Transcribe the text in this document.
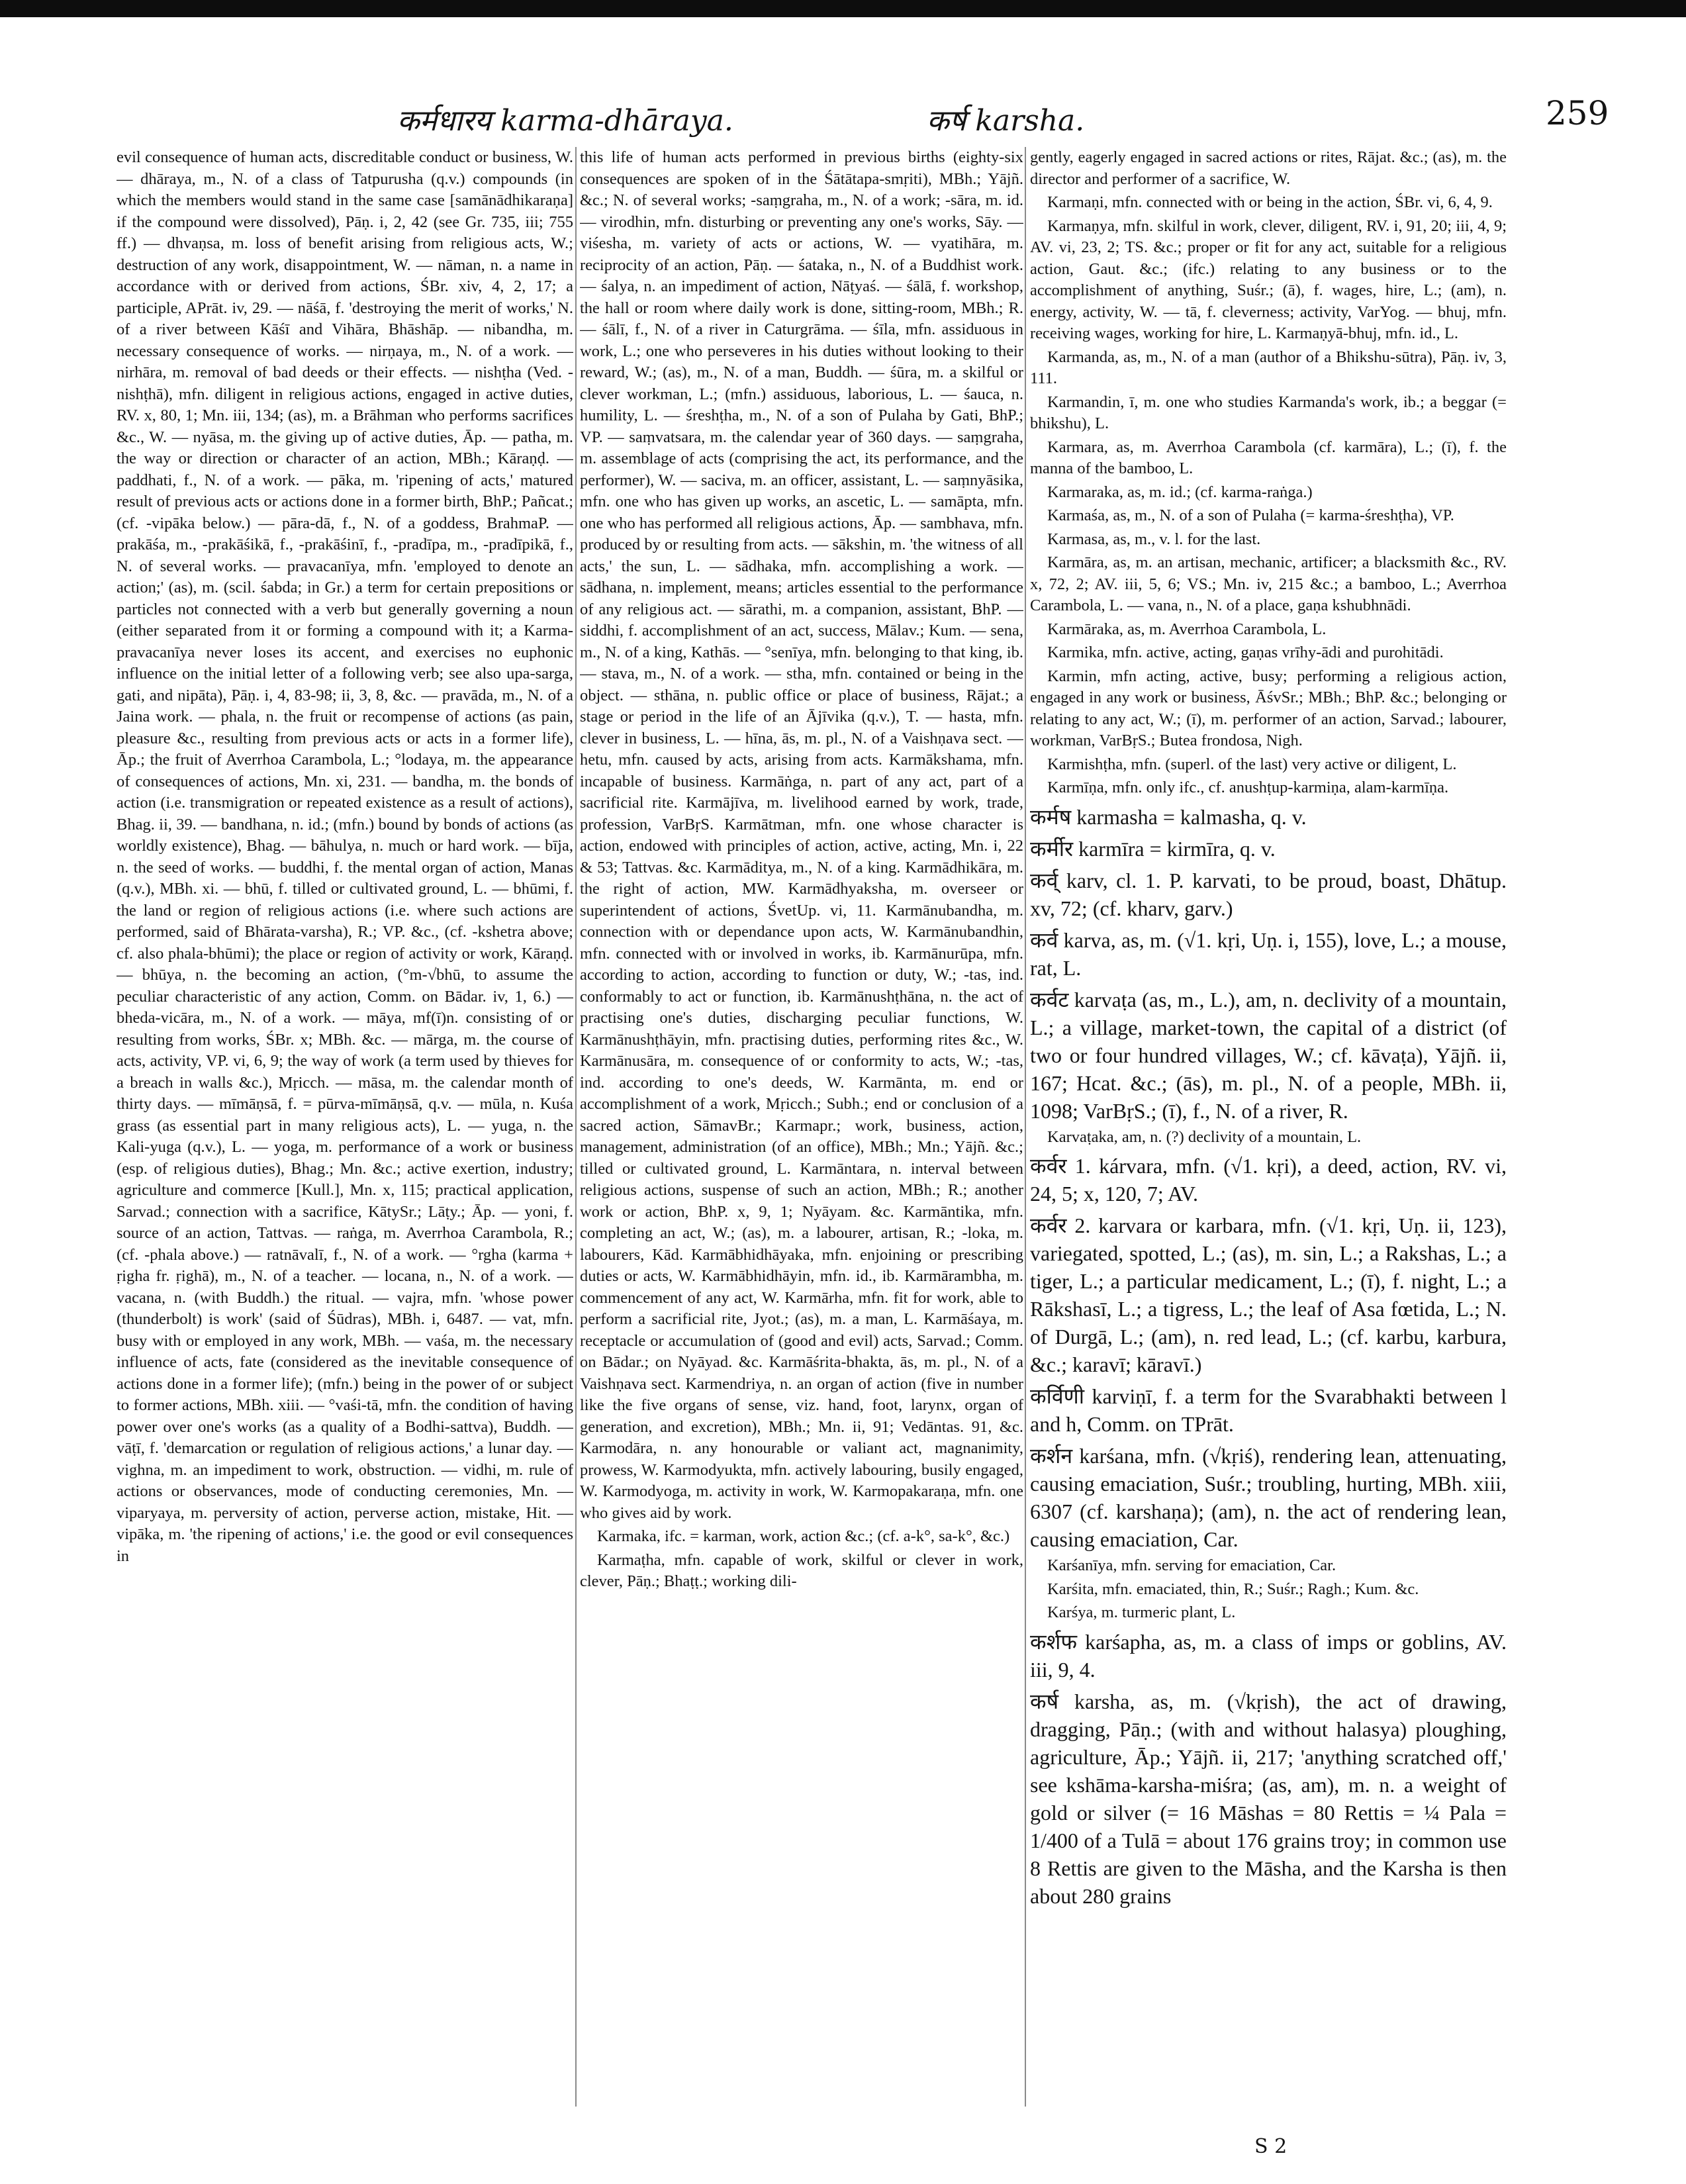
कर्मधारय karma-dhāraya.	कर्ष karsha.	259

evil consequence of human acts, discreditable conduct or business, W. — dhāraya, m., N. of a class of Tatpurusha (q.v.) compounds (in which the members would stand in the same case [samānādhikaraṇa] if the compound were dissolved), Pāṇ. i, 2, 42 (see Gr. 735, iii; 755 ff.) — dhvaṇsa, m. loss of benefit arising from religious acts, W.; destruction of any work, disappointment, W. — nāman, n. a name in accordance with or derived from actions, ŚBr. xiv, 4, 2, 17; a participle, APrāt. iv, 29. — nāśā, f. 'destroying the merit of works,' N. of a river between Kāśī and Vihāra, Bhāshāp. — nibandha, m. necessary consequence of works. — nirṇaya, m., N. of a work. — nirhāra, m. removal of bad deeds or their effects. — nishṭha (Ved. -nishṭhā), mfn. diligent in religious actions, engaged in active duties, RV. x, 80, 1; Mn. iii, 134; (as), m. a Brāhman who performs sacrifices &c., W. — nyāsa, m. the giving up of active duties, Āp. — patha, m. the way or direction or character of an action, MBh.; Kāraṇḍ. — paddhati, f., N. of a work. — pāka, m. 'ripening of acts,' matured result of previous acts or actions done in a former birth, BhP.; Pañcat.; (cf. -vipāka below.) — pāra-dā, f., N. of a goddess, BrahmaP. — prakāśa, m., -prakāśikā, f., -prakāśinī, f., -pradīpa, m., -pradīpikā, f., N. of several works. — pravacanīya, mfn. 'employed to denote an action;' (as), m. (scil. śabda; in Gr.) a term for certain prepositions or particles not connected with a verb but generally governing a noun (either separated from it or forming a compound with it; a Karma-pravacanīya never loses its accent, and exercises no euphonic influence on the initial letter of a following verb; see also upa-sarga, gati, and nipāta), Pāṇ. i, 4, 83-98; ii, 3, 8, &c. — pravāda, m., N. of a Jaina work. — phala, n. the fruit or recompense of actions (as pain, pleasure &c., resulting from previous acts or acts in a former life), Āp.; the fruit of Averrhoa Carambola, L.; °lodaya, m. the appearance of consequences of actions, Mn. xi, 231. — bandha, m. the bonds of action (i.e. transmigration or repeated existence as a result of actions), Bhag. ii, 39. — bandhana, n. id.; (mfn.) bound by bonds of actions (as worldly existence), Bhag. — bāhulya, n. much or hard work. — bīja, n. the seed of works. — buddhi, f. the mental organ of action, Manas (q.v.), MBh. xi. — bhū, f. tilled or cultivated ground, L. — bhūmi, f. the land or region of religious actions (i.e. where such actions are performed, said of Bhārata-varsha), R.; VP. &c., (cf. -kshetra above; cf. also phala-bhūmi); the place or region of activity or work, Kāraṇḍ. — bhūya, n. the becoming an action, (°m-√bhū, to assume the peculiar characteristic of any action, Comm. on Bādar. iv, 1, 6.) — bheda-vicāra, m., N. of a work. — māya, mf(ī)n. consisting of or resulting from works, ŚBr. x; MBh. &c. — mārga, m. the course of acts, activity, VP. vi, 6, 9; the way of work (a term used by thieves for a breach in walls &c.), Mṛicch. — māsa, m. the calendar month of thirty days. — mīmāṇsā, f. = pūrva-mīmāṇsā, q.v. — mūla, n. Kuśa grass (as essential part in many religious acts), L. — yuga, n. the Kali-yuga (q.v.), L. — yoga, m. performance of a work or business (esp. of religious duties), Bhag.; Mn. &c.; active exertion, industry; agriculture and commerce [Kull.], Mn. x, 115; practical application, Sarvad.; connection with a sacrifice, KātySr.; Lāṭy.; Āp. — yoni, f. source of an action, Tattvas. — raṅga, m. Averrhoa Carambola, R.; (cf. -phala above.) — ratnāvalī, f., N. of a work. — °rgha (karma + ṛigha fr. ṛighā), m., N. of a teacher. — locana, n., N. of a work. — vacana, n. (with Buddh.) the ritual. — vajra, mfn. 'whose power (thunderbolt) is work' (said of Śūdras), MBh. i, 6487. — vat, mfn. busy with or employed in any work, MBh. — vaśa, m. the necessary influence of acts, fate (considered as the inevitable consequence of actions done in a former life); (mfn.) being in the power of or subject to former actions, MBh. xiii. — °vaśi-tā, mfn. the condition of having power over one's works (as a quality of a Bodhi-sattva), Buddh. — vāṭī, f. 'demarcation or regulation of religious actions,' a lunar day. — vighna, m. an impediment to work, obstruction. — vidhi, m. rule of actions or observances, mode of conducting ceremonies, Mn. — viparyaya, m. perversity of action, perverse action, mistake, Hit. — vipāka, m. 'the ripening of actions,' i.e. the good or evil consequences in

this life of human acts performed in previous births (eighty-six consequences are spoken of in the Śātātapa-smṛiti), MBh.; Yājñ. &c.; N. of several works; -saṃgraha, m., N. of a work; -sāra, m. id. — virodhin, mfn. disturbing or preventing any one's works, Sāy. — viśesha, m. variety of acts or actions, W. — vyatihāra, m. reciprocity of an action, Pāṇ. — śataka, n., N. of a Buddhist work. — śalya, n. an impediment of action, Nāṭyaś. — śālā, f. workshop, the hall or room where daily work is done, sitting-room, MBh.; R. — śālī, f., N. of a river in Caturgrāma. — śīla, mfn. assiduous in work, L.; one who perseveres in his duties without looking to their reward, W.; (as), m., N. of a man, Buddh. — śūra, m. a skilful or clever workman, L.; (mfn.) assiduous, laborious, L. — śauca, n. humility, L. — śreshṭha, m., N. of a son of Pulaha by Gati, BhP.; VP. — saṃvatsara, m. the calendar year of 360 days. — saṃgraha, m. assemblage of acts (comprising the act, its performance, and the performer), W. — saciva, m. an officer, assistant, L. — saṃnyāsika, mfn. one who has given up works, an ascetic, L. — samāpta, mfn. one who has performed all religious actions, Āp. — sambhava, mfn. produced by or resulting from acts. — sākshin, m. 'the witness of all acts,' the sun, L. — sādhaka, mfn. accomplishing a work. — sādhana, n. implement, means; articles essential to the performance of any religious act. — sārathi, m. a companion, assistant, BhP. — siddhi, f. accomplishment of an act, success, Mālav.; Kum. — sena, m., N. of a king, Kathās. — °senīya, mfn. belonging to that king, ib. — stava, m., N. of a work. — stha, mfn. contained or being in the object. — sthāna, n. public office or place of business, Rājat.; a stage or period in the life of an Ājīvika (q.v.), T. — hasta, mfn. clever in business, L. — hīna, ās, m. pl., N. of a Vaishṇava sect. — hetu, mfn. caused by acts, arising from acts. Karmākshama, mfn. incapable of business. Karmāṅga, n. part of any act, part of a sacrificial rite. Karmājīva, m. livelihood earned by work, trade, profession, VarBṛS. Karmātman, mfn. one whose character is action, endowed with principles of action, active, acting, Mn. i, 22 & 53; Tattvas. &c. Karmāditya, m., N. of a king. Karmādhikāra, m. the right of action, MW. Karmādhyaksha, m. overseer or superintendent of actions, ŚvetUp. vi, 11. Karmānubandha, m. connection with or dependance upon acts, W. Karmānubandhin, mfn. connected with or involved in works, ib. Karmānurūpa, mfn. according to action, according to function or duty, W.; -tas, ind. conformably to act or function, ib. Karmānushṭhāna, n. the act of practising one's duties, discharging peculiar functions, W. Karmānushṭhāyin, mfn. practising duties, performing rites &c., W. Karmānusāra, m. consequence of or conformity to acts, W.; -tas, ind. according to one's deeds, W. Karmānta, m. end or accomplishment of a work, Mṛicch.; Subh.; end or conclusion of a sacred action, SāmavBr.; Karmapr.; work, business, action, management, administration (of an office), MBh.; Mn.; Yājñ. &c.; tilled or cultivated ground, L. Karmāntara, n. interval between religious actions, suspense of such an action, MBh.; R.; another work or action, BhP. x, 9, 1; Nyāyam. &c. Karmāntika, mfn. completing an act, W.; (as), m. a labourer, artisan, R.; -loka, m. labourers, Kād. Karmābhidhāyaka, mfn. enjoining or prescribing duties or acts, W. Karmābhidhāyin, mfn. id., ib. Karmārambha, m. commencement of any act, W. Karmārha, mfn. fit for work, able to perform a sacrificial rite, Jyot.; (as), m. a man, L. Karmāśaya, m. receptacle or accumulation of (good and evil) acts, Sarvad.; Comm. on Bādar.; on Nyāyad. &c. Karmāśrita-bhakta, ās, m. pl., N. of a Vaishṇava sect. Karmendriya, n. an organ of action (five in number like the five organs of sense, viz. hand, foot, larynx, organ of generation, and excretion), MBh.; Mn. ii, 91; Vedāntas. 91, &c. Karmodāra, n. any honourable or valiant act, magnanimity, prowess, W. Karmodyukta, mfn. actively labouring, busily engaged, W. Karmodyoga, m. activity in work, W. Karmopakaraṇa, mfn. one who gives aid by work.

Karmaka, ifc. = karman, work, action &c.; (cf. a-k°, sa-k°, &c.)

Karmaṭha, mfn. capable of work, skilful or clever in work, clever, Pāṇ.; Bhaṭṭ.; working dili-

gently, eagerly engaged in sacred actions or rites, Rājat. &c.; (as), m. the director and performer of a sacrifice, W.

Karmaṇi, mfn. connected with or being in the action, ŚBr. vi, 6, 4, 9.

Karmaṇya, mfn. skilful in work, clever, diligent, RV. i, 91, 20; iii, 4, 9; AV. vi, 23, 2; TS. &c.; proper or fit for any act, suitable for a religious action, Gaut. &c.; (ifc.) relating to any business or to the accomplishment of anything, Suśr.; (ā), f. wages, hire, L.; (am), n. energy, activity, W. — tā, f. cleverness; activity, VarYog. — bhuj, mfn. receiving wages, working for hire, L. Karmaṇyā-bhuj, mfn. id., L.

Karmanda, as, m., N. of a man (author of a Bhikshu-sūtra), Pāṇ. iv, 3, 111.

Karmandin, ī, m. one who studies Karmanda's work, ib.; a beggar (= bhikshu), L.

Karmara, as, m. Averrhoa Carambola (cf. karmāra), L.; (ī), f. the manna of the bamboo, L.

Karmaraka, as, m. id.; (cf. karma-raṅga.)

Karmaśa, as, m., N. of a son of Pulaha (= karma-śreshṭha), VP.

Karmasa, as, m., v. l. for the last.

Karmāra, as, m. an artisan, mechanic, artificer; a blacksmith &c., RV. x, 72, 2; AV. iii, 5, 6; VS.; Mn. iv, 215 &c.; a bamboo, L.; Averrhoa Carambola, L. — vana, n., N. of a place, gaṇa kshubhnādi.

Karmāraka, as, m. Averrhoa Carambola, L.

Karmika, mfn. active, acting, gaṇas vrīhy-ādi and purohitādi.

Karmin, mfn acting, active, busy; performing a religious action, engaged in any work or business, ĀśvSr.; MBh.; BhP. &c.; belonging or relating to any act, W.; (ī), m. performer of an action, Sarvad.; labourer, workman, VarBṛS.; Butea frondosa, Nigh.

Karmishṭha, mfn. (superl. of the last) very active or diligent, L.

Karmīṇa, mfn. only ifc., cf. anushṭup-karmiṇa, alam-karmīṇa.

कर्मष karmasha = kalmasha, q. v.

कर्मीर karmīra = kirmīra, q. v.

कर्व् karv, cl. 1. P. karvati, to be proud, boast, Dhātup. xv, 72; (cf. kharv, garv.)

कर्व karva, as, m. (√1. kṛi, Uṇ. i, 155), love, L.; a mouse, rat, L.

कर्वट karvaṭa (as, m., L.), am, n. declivity of a mountain, L.; a village, market-town, the capital of a district (of two or four hundred villages, W.; cf. kāvaṭa), Yājñ. ii, 167; Hcat. &c.; (ās), m. pl., N. of a people, MBh. ii, 1098; VarBṛS.; (ī), f., N. of a river, R.

Karvaṭaka, am, n. (?) declivity of a mountain, L.

कर्वर 1. kárvara, mfn. (√1. kṛi), a deed, action, RV. vi, 24, 5; x, 120, 7; AV.

कर्वर 2. karvara or karbara, mfn. (√1. kṛi, Uṇ. ii, 123), variegated, spotted, L.; (as), m. sin, L.; a Rakshas, L.; a tiger, L.; a particular medicament, L.; (ī), f. night, L.; a Rākshasī, L.; a tigress, L.; the leaf of Asa fœtida, L.; N. of Durgā, L.; (am), n. red lead, L.; (cf. karbu, karbura, &c.; karavī; kāravī.)

कर्विणी karviṇī, f. a term for the Svarabhakti between l and h, Comm. on TPrāt.

कर्शन karśana, mfn. (√kṛiś), rendering lean, attenuating, causing emaciation, Suśr.; troubling, hurting, MBh. xiii, 6307 (cf. karshaṇa); (am), n. the act of rendering lean, causing emaciation, Car.

Karśanīya, mfn. serving for emaciation, Car.

Karśita, mfn. emaciated, thin, R.; Suśr.; Ragh.; Kum. &c.

Karśya, m. turmeric plant, L.

कर्शफ karśapha, as, m. a class of imps or goblins, AV. iii, 9, 4.

कर्ष karsha, as, m. (√kṛish), the act of drawing, dragging, Pāṇ.; (with and without halasya) ploughing, agriculture, Āp.; Yājñ. ii, 217; 'anything scratched off,' see kshāma-karsha-miśra; (as, am), m. n. a weight of gold or silver (= 16 Māshas = 80 Rettis = ¼ Pala = 1/400 of a Tulā = about 176 grains troy; in common use 8 Rettis are given to the Māsha, and the Karsha is then about 280 grains

S 2
